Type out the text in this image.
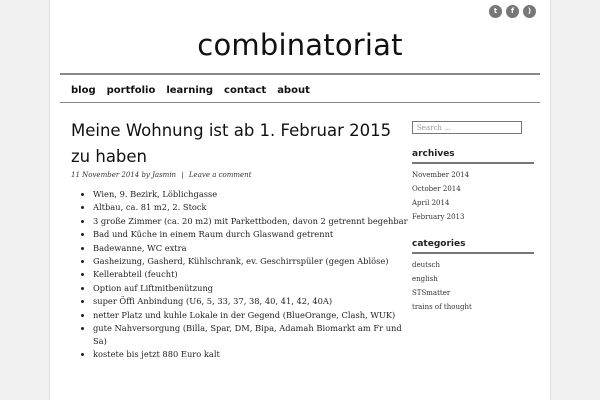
t	f	)
combinatoriat
blog portfolio learning contact about
Meine Wohnung ist ab 1. Februar 2015 zu haben
11 November 2014 by Jasmin | Leave a comment
• Wien, 9. Bezirk, Löblichgasse
• Altbau, ca. 81 m2, 2. Stock
• 3 große Zimmer (ca. 20 m2) mit Parkettboden, davon 2 getrennt begehbar
• Bad und Küche in einem Raum durch Glaswand getrennt
• Badewanne, WC extra
• Gasheizung, Gasherd, Kühlschrank, ev. Geschirrspüler (gegen Ablöse)
• Kellerabteil (feucht)
• Option auf Liftmitbenützung
• super Öffi Anbindung (U6, 5, 33, 37, 38, 40, 41, 42, 40A)
• netter Platz und kuhle Lokale in der Gegend (BlueOrange, Clash, WUK)
• gute Nahversorgung (Billa, Spar, DM, Bipa, Adamah Biomarkt am Fr und Sa)
• kostete bis jetzt 880 Euro kalt
Search ...
archives
November 2014
October 2014
April 2014
February 2013
categories
deutsch
english
STSmatter
trains of thought
